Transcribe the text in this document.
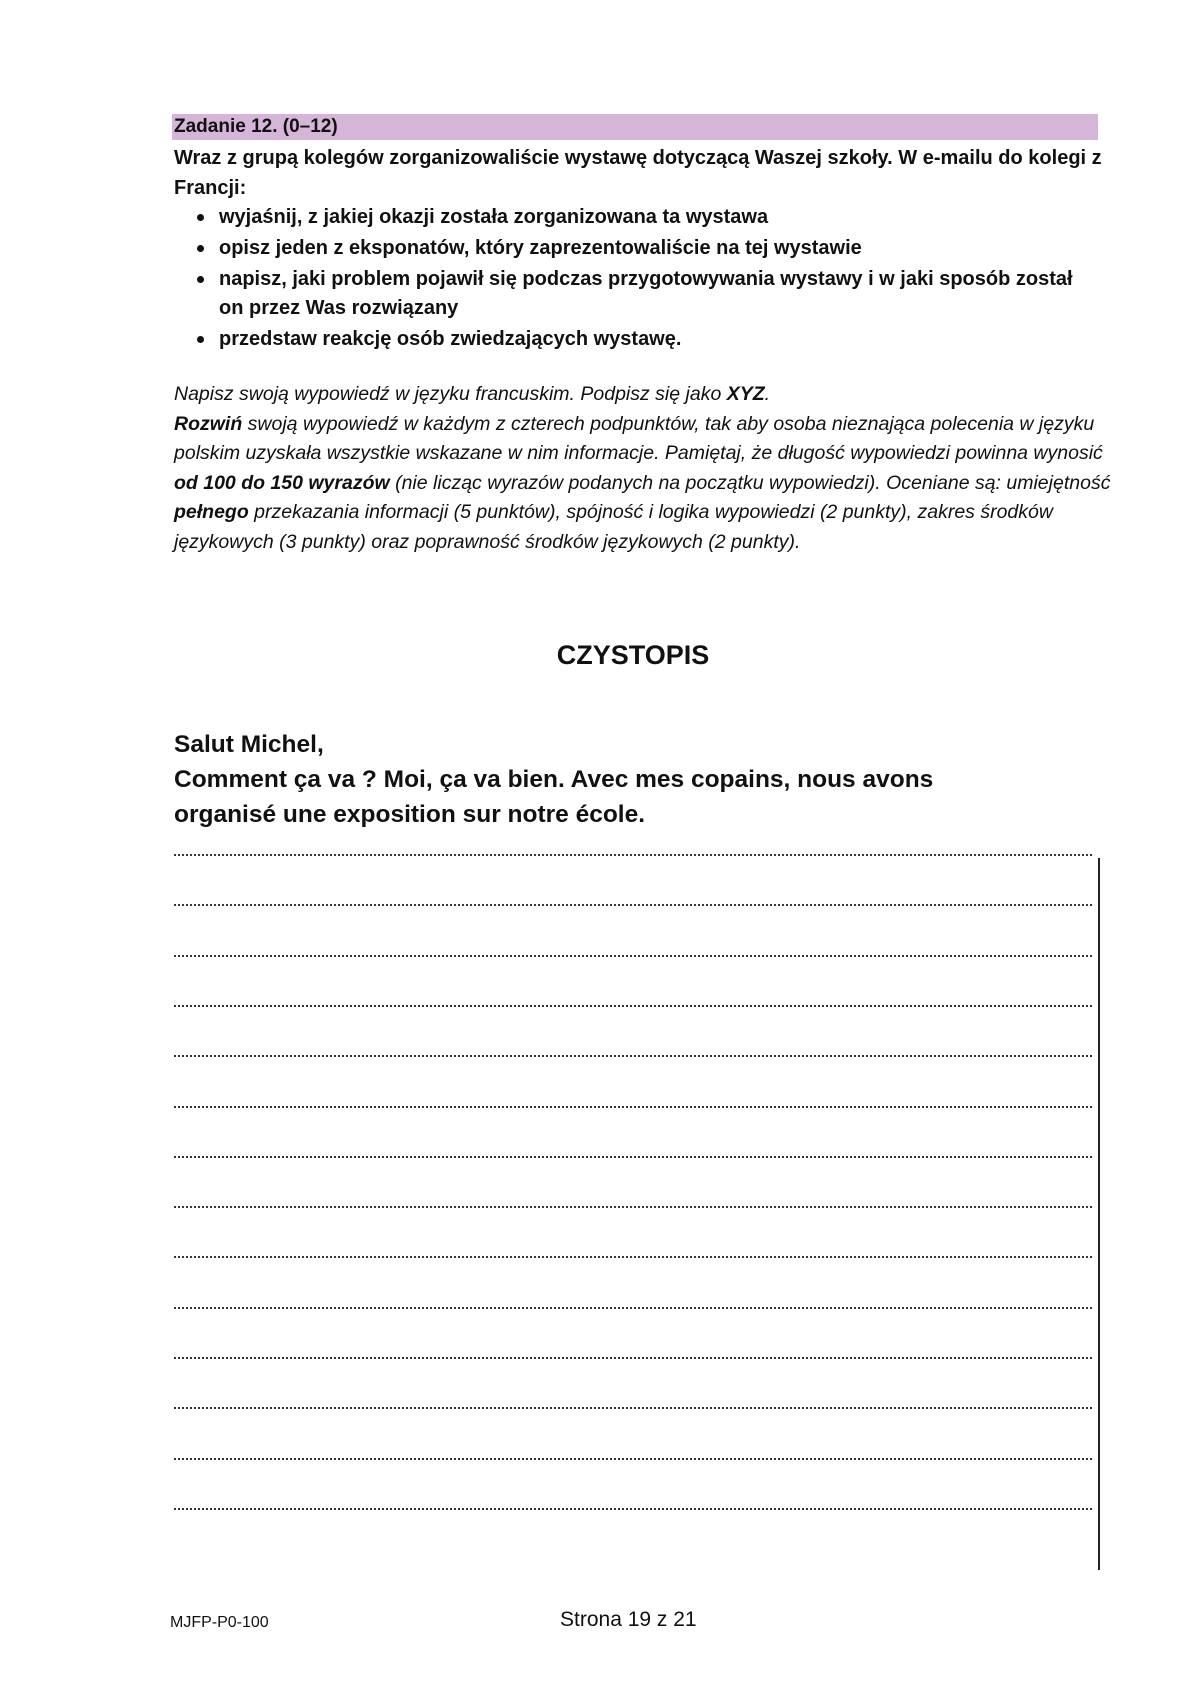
Zadanie 12. (0–12)
Wraz z grupą kolegów zorganizowaliście wystawę dotyczącą Waszej szkoły. W e-mailu do kolegi z Francji:
wyjaśnij, z jakiej okazji została zorganizowana ta wystawa
opisz jeden z eksponatów, który zaprezentowaliście na tej wystawie
napisz, jaki problem pojawił się podczas przygotowywania wystawy i w jaki sposób został on przez Was rozwiązany
przedstaw reakcję osób zwiedzających wystawę.

Napisz swoją wypowiedź w języku francuskim. Podpisz się jako XYZ.

Rozwiń swoją wypowiedź w każdym z czterech podpunktów, tak aby osoba nieznająca polecenia w języku polskim uzyskała wszystkie wskazane w nim informacje. Pamiętaj, że długość wypowiedzi powinna wynosić od 100 do 150 wyrazów (nie licząc wyrazów podanych na początku wypowiedzi). Oceniane są: umiejętność pełnego przekazania informacji (5 punktów), spójność i logika wypowiedzi (2 punkty), zakres środków językowych (3 punkty) oraz poprawność środków językowych (2 punkty).

CZYSTOPIS

Salut Michel,

Comment ça va ? Moi, ça va bien. Avec mes copains, nous avons

organisé une exposition sur notre école.

MJFP-P0-100	Strona 19 z 21
